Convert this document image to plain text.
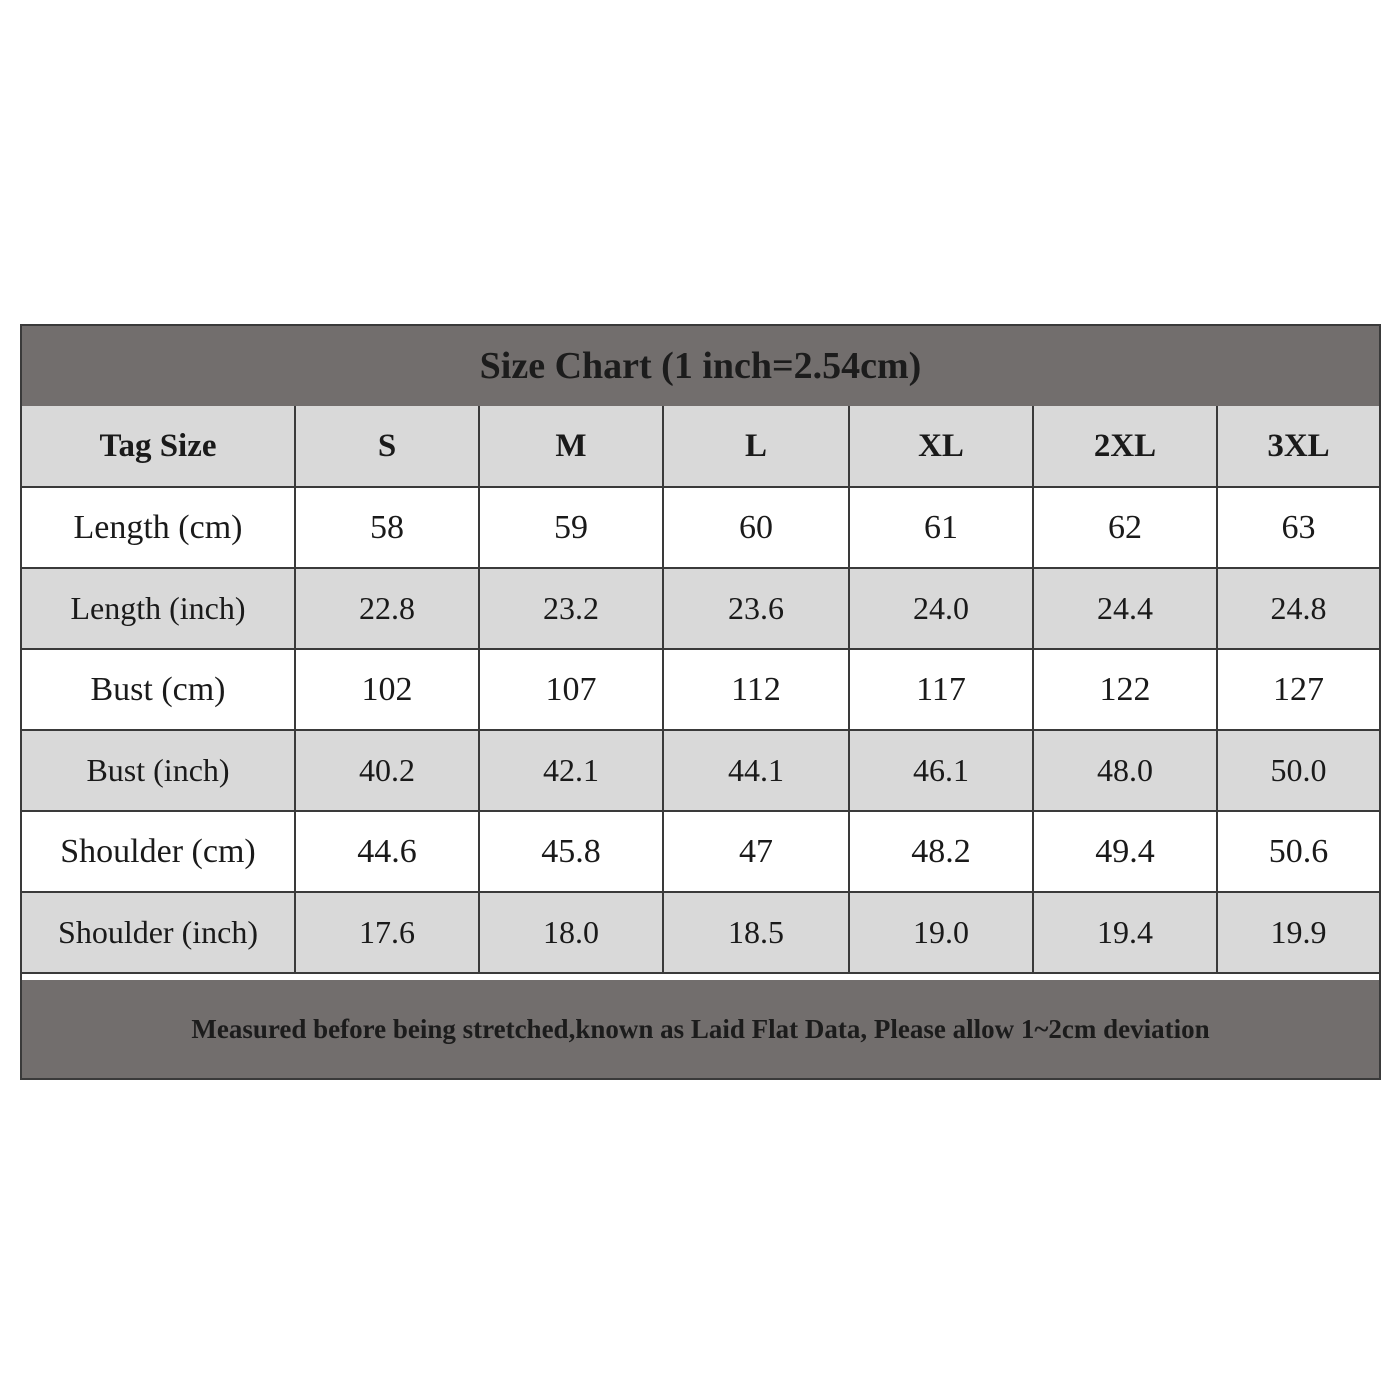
Size Chart (1 inch=2.54cm)
Tag Size	S	M	L	XL	2XL	3XL
Length (cm)	58	59	60	61	62	63
Length (inch)	22.8	23.2	23.6	24.0	24.4	24.8
Bust (cm)	102	107	112	117	122	127
Bust (inch)	40.2	42.1	44.1	46.1	48.0	50.0
Shoulder (cm)	44.6	45.8	47	48.2	49.4	50.6
Shoulder (inch)	17.6	18.0	18.5	19.0	19.4	19.9
Measured before being stretched,known as Laid Flat Data, Please allow 1~2cm deviation
